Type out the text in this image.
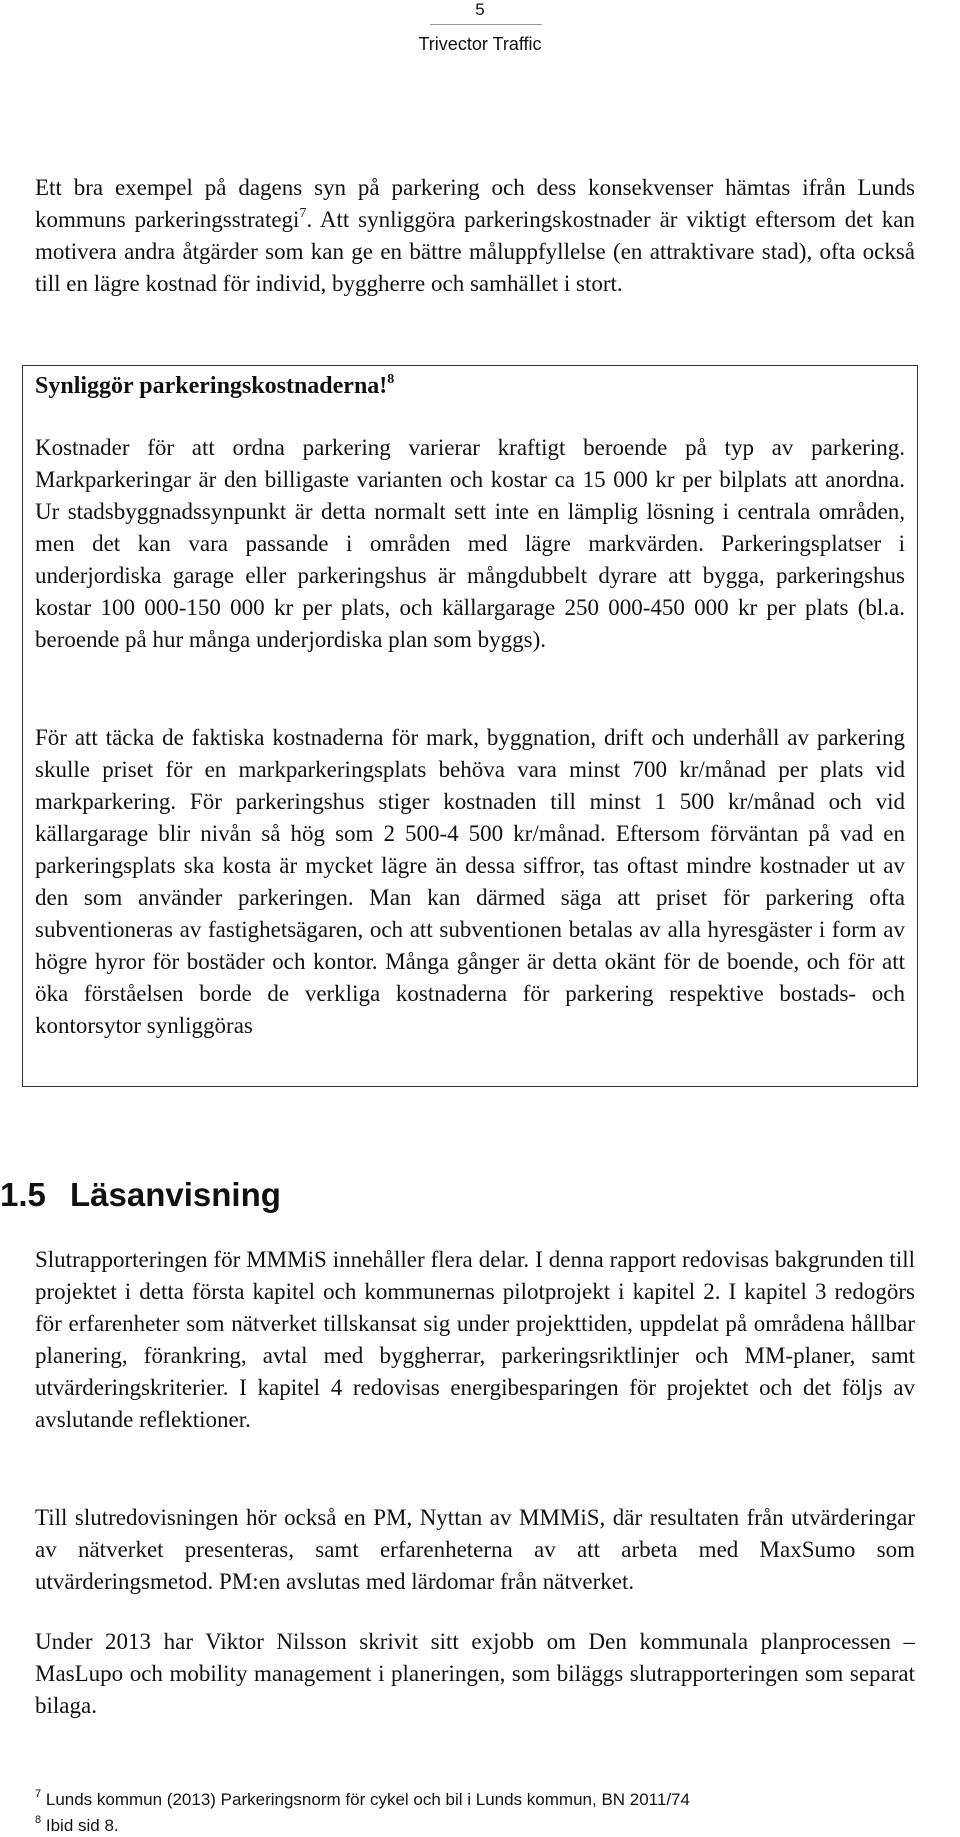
5
Trivector Traffic

Ett bra exempel på dagens syn på parkering och dess konsekvenser hämtas ifrån Lunds kommuns parkeringsstrategi$^7$. Att synliggöra parkeringskostnader är viktigt eftersom det kan motivera andra åtgärder som kan ge en bättre måluppfyllelse (en attraktivare stad), ofta också till en lägre kostnad för individ, byggherre och samhället i stort.

Synliggör parkeringskostnaderna!$^8$

Kostnader för att ordna parkering varierar kraftigt beroende på typ av parkering. Markparkeringar är den billigaste varianten och kostar ca 15 000 kr per bilplats att anordna. Ur stadsbyggnadssynpunkt är detta normalt sett inte en lämplig lösning i centrala områden, men det kan vara passande i områden med lägre markvärden. Parkeringsplatser i underjordiska garage eller parkeringshus är mångdubbelt dyrare att bygga, parkeringshus kostar 100 000-150 000 kr per plats, och källargarage 250 000-450 000 kr per plats (bl.a. beroende på hur många underjordiska plan som byggs).

För att täcka de faktiska kostnaderna för mark, byggnation, drift och underhåll av parkering skulle priset för en markparkeringsplats behöva vara minst 700 kr/månad per plats vid markparkering. För parkeringshus stiger kostnaden till minst 1 500 kr/månad och vid källargarage blir nivån så hög som 2 500-4 500 kr/månad. Eftersom förväntan på vad en parkeringsplats ska kosta är mycket lägre än dessa siffror, tas oftast mindre kostnader ut av den som använder parkeringen. Man kan därmed säga att priset för parkering ofta subventioneras av fastighetsägaren, och att subventionen betalas av alla hyresgäster i form av högre hyror för bostäder och kontor. Många gånger är detta okänt för de boende, och för att öka förståelsen borde de verkliga kostnaderna för parkering respektive bostads- och kontorsytor synliggöras

1.5 Läsanvisning

Slutrapporteringen för MMMiS innehåller flera delar. I denna rapport redovisas bakgrunden till projektet i detta första kapitel och kommunernas pilotprojekt i kapitel 2. I kapitel 3 redogörs för erfarenheter som nätverket tillskansat sig under projekttiden, uppdelat på områdena hållbar planering, förankring, avtal med byggherrar, parkeringsriktlinjer och MM-planer, samt utvärderingskriterier. I kapitel 4 redovisas energibesparingen för projektet och det följs av avslutande reflektioner.

Till slutredovisningen hör också en PM, Nyttan av MMMiS, där resultaten från utvärderingar av nätverket presenteras, samt erfarenheterna av att arbeta med MaxSumo som utvärderingsmetod. PM:en avslutas med lärdomar från nätverket.

Under 2013 har Viktor Nilsson skrivit sitt exjobb om Den kommunala planprocessen – MasLupo och mobility management i planeringen, som biläggs slutrapporteringen som separat bilaga.

$^7$ Lunds kommun (2013) Parkeringsnorm för cykel och bil i Lunds kommun, BN 2011/74

$^8$ Ibid sid 8.
